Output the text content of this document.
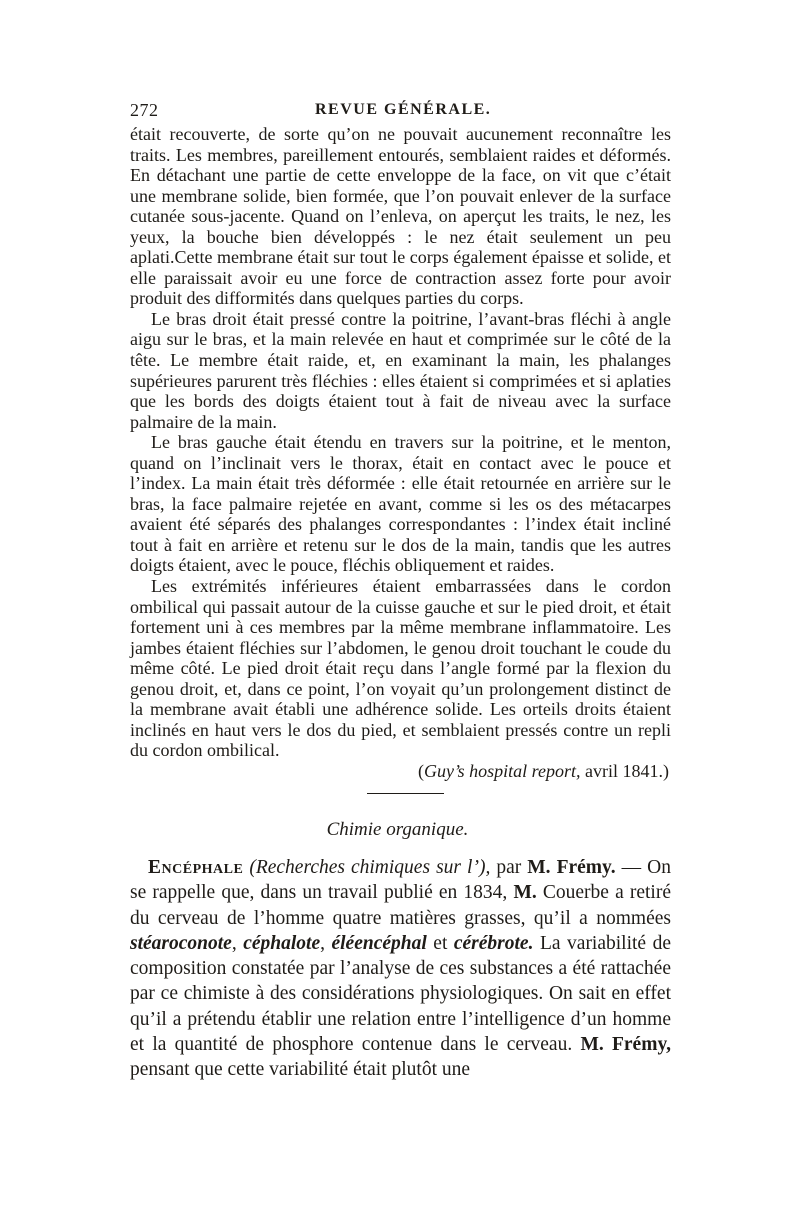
272	REVUE GÉNÉRALE.

était recouverte, de sorte qu’on ne pouvait aucunement reconnaître les traits. Les membres, pareillement entourés, semblaient raides et déformés. En détachant une partie de cette enveloppe de la face, on vit que c’était une membrane solide, bien formée, que l’on pouvait enlever de la surface cutanée sous-jacente. Quand on l’enleva, on aperçut les traits, le nez, les yeux, la bouche bien développés : le nez était seulement un peu aplati.Cette membrane était sur tout le corps également épaisse et solide, et elle paraissait avoir eu une force de contraction assez forte pour avoir produit des difformités dans quelques parties du corps.

Le bras droit était pressé contre la poitrine, l’avant-bras fléchi à angle aigu sur le bras, et la main relevée en haut et comprimée sur le côté de la tête. Le membre était raide, et, en examinant la main, les phalanges supérieures parurent très fléchies : elles étaient si comprimées et si aplaties que les bords des doigts étaient tout à fait de niveau avec la surface palmaire de la main.

Le bras gauche était étendu en travers sur la poitrine, et le menton, quand on l’inclinait vers le thorax, était en contact avec le pouce et l’index. La main était très déformée : elle était retournée en arrière sur le bras, la face palmaire rejetée en avant, comme si les os des métacarpes avaient été séparés des phalanges correspondantes : l’index était incliné tout à fait en arrière et retenu sur le dos de la main, tandis que les autres doigts étaient, avec le pouce, fléchis obliquement et raides.

Les extrémités inférieures étaient embarrassées dans le cordon ombilical qui passait autour de la cuisse gauche et sur le pied droit, et était fortement uni à ces membres par la même membrane inflammatoire. Les jambes étaient fléchies sur l’abdomen, le genou droit touchant le coude du même côté. Le pied droit était reçu dans l’angle formé par la flexion du genou droit, et, dans ce point, l’on voyait qu’un prolongement distinct de la membrane avait établi une adhérence solide. Les orteils droits étaient inclinés en haut vers le dos du pied, et semblaient pressés contre un repli du cordon ombilical.

(Guy’s hospital report, avril 1841.)
Chimie organique.

Encéphale (Recherches chimiques sur l’), par M. Frémy. — On se rappelle que, dans un travail publié en 1834, M. Couerbe a retiré du cerveau de l’homme quatre matières grasses, qu’il a nommées stéaroconote, céphalote, éléencéphal et cérébrote. La variabilité de composition constatée par l’analyse de ces substances a été rattachée par ce chimiste à des considérations physiologiques. On sait en effet qu’il a prétendu établir une relation entre l’intelligence d’un homme et la quantité de phosphore contenue dans le cerveau. M. Frémy, pensant que cette variabilité était plutôt une
